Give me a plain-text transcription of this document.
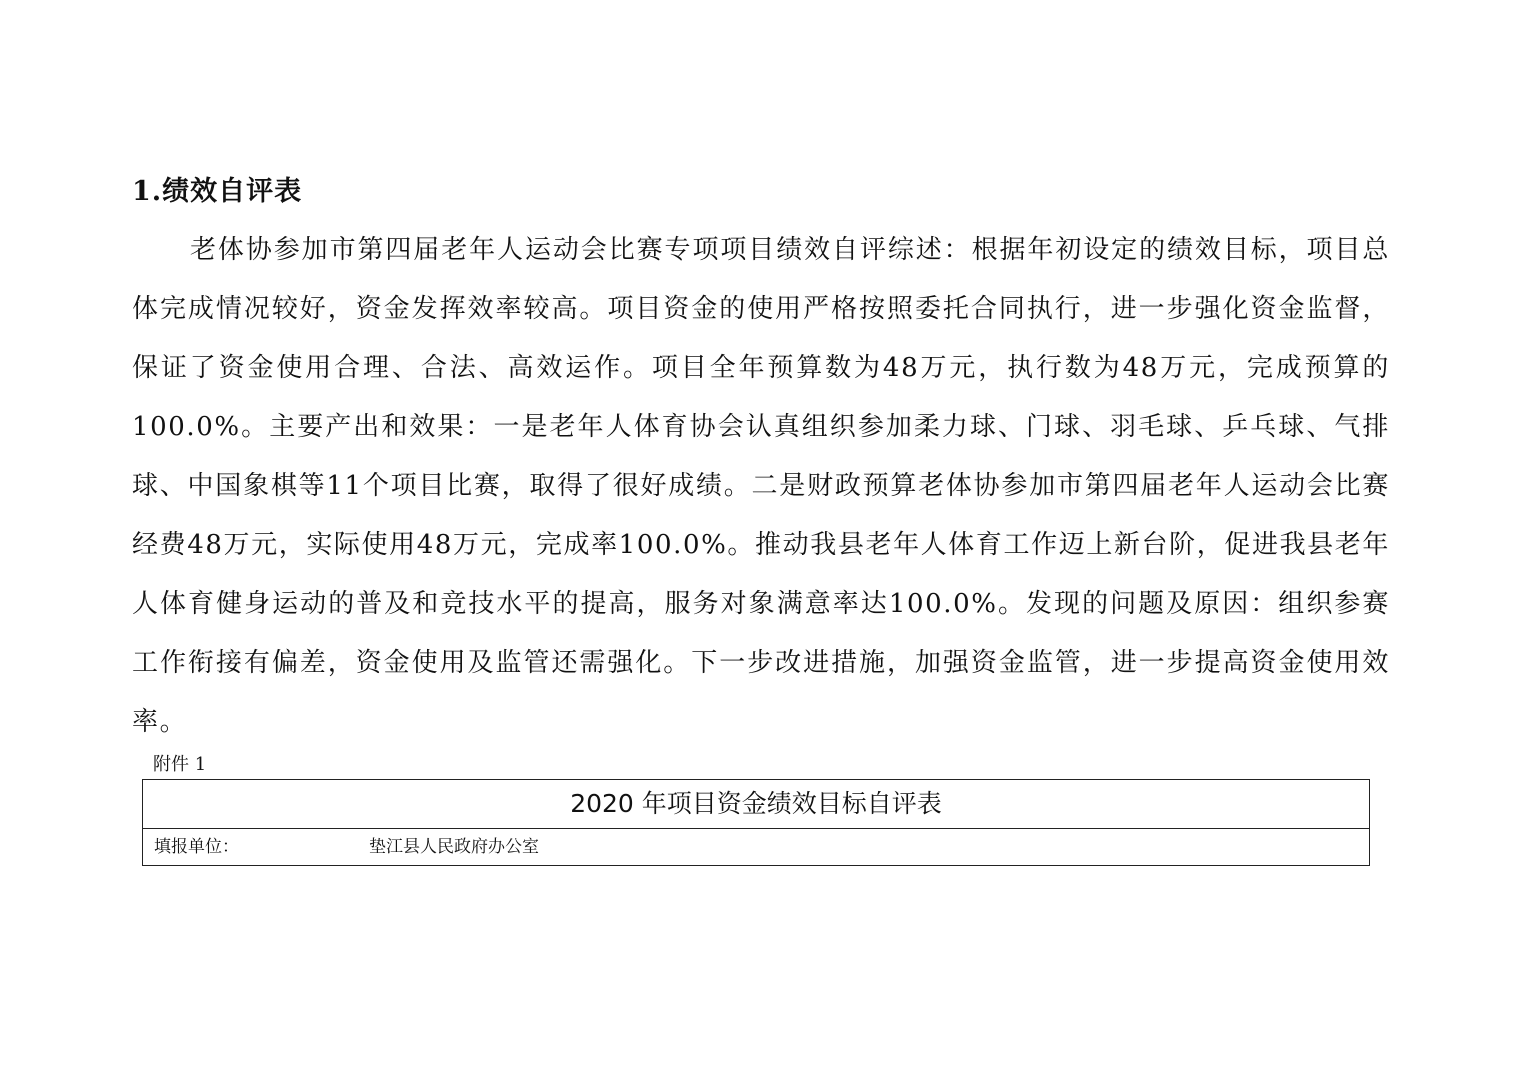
1.绩效自评表

老体协参加市第四届老年人运动会比赛专项项目绩效自评综述：根据年初设定的绩效目标，项目总体完成情况较好，资金发挥效率较高。项目资金的使用严格按照委托合同执行，进一步强化资金监督，保证了资金使用合理、合法、高效运作。项目全年预算数为48万元，执行数为48万元，完成预算的100.0%。主要产出和效果：一是老年人体育协会认真组织参加柔力球、门球、羽毛球、乒乓球、气排球、中国象棋等11个项目比赛，取得了很好成绩。二是财政预算老体协参加市第四届老年人运动会比赛经费48万元，实际使用48万元，完成率100.0%。推动我县老年人体育工作迈上新台阶，促进我县老年人体育健身运动的普及和竞技水平的提高，服务对象满意率达100.0%。发现的问题及原因：组织参赛工作衔接有偏差，资金使用及监管还需强化。下一步改进措施，加强资金监管，进一步提高资金使用效率。

附件 1
2020 年项目资金绩效目标自评表
填报单位：	垫江县人民政府办公室
